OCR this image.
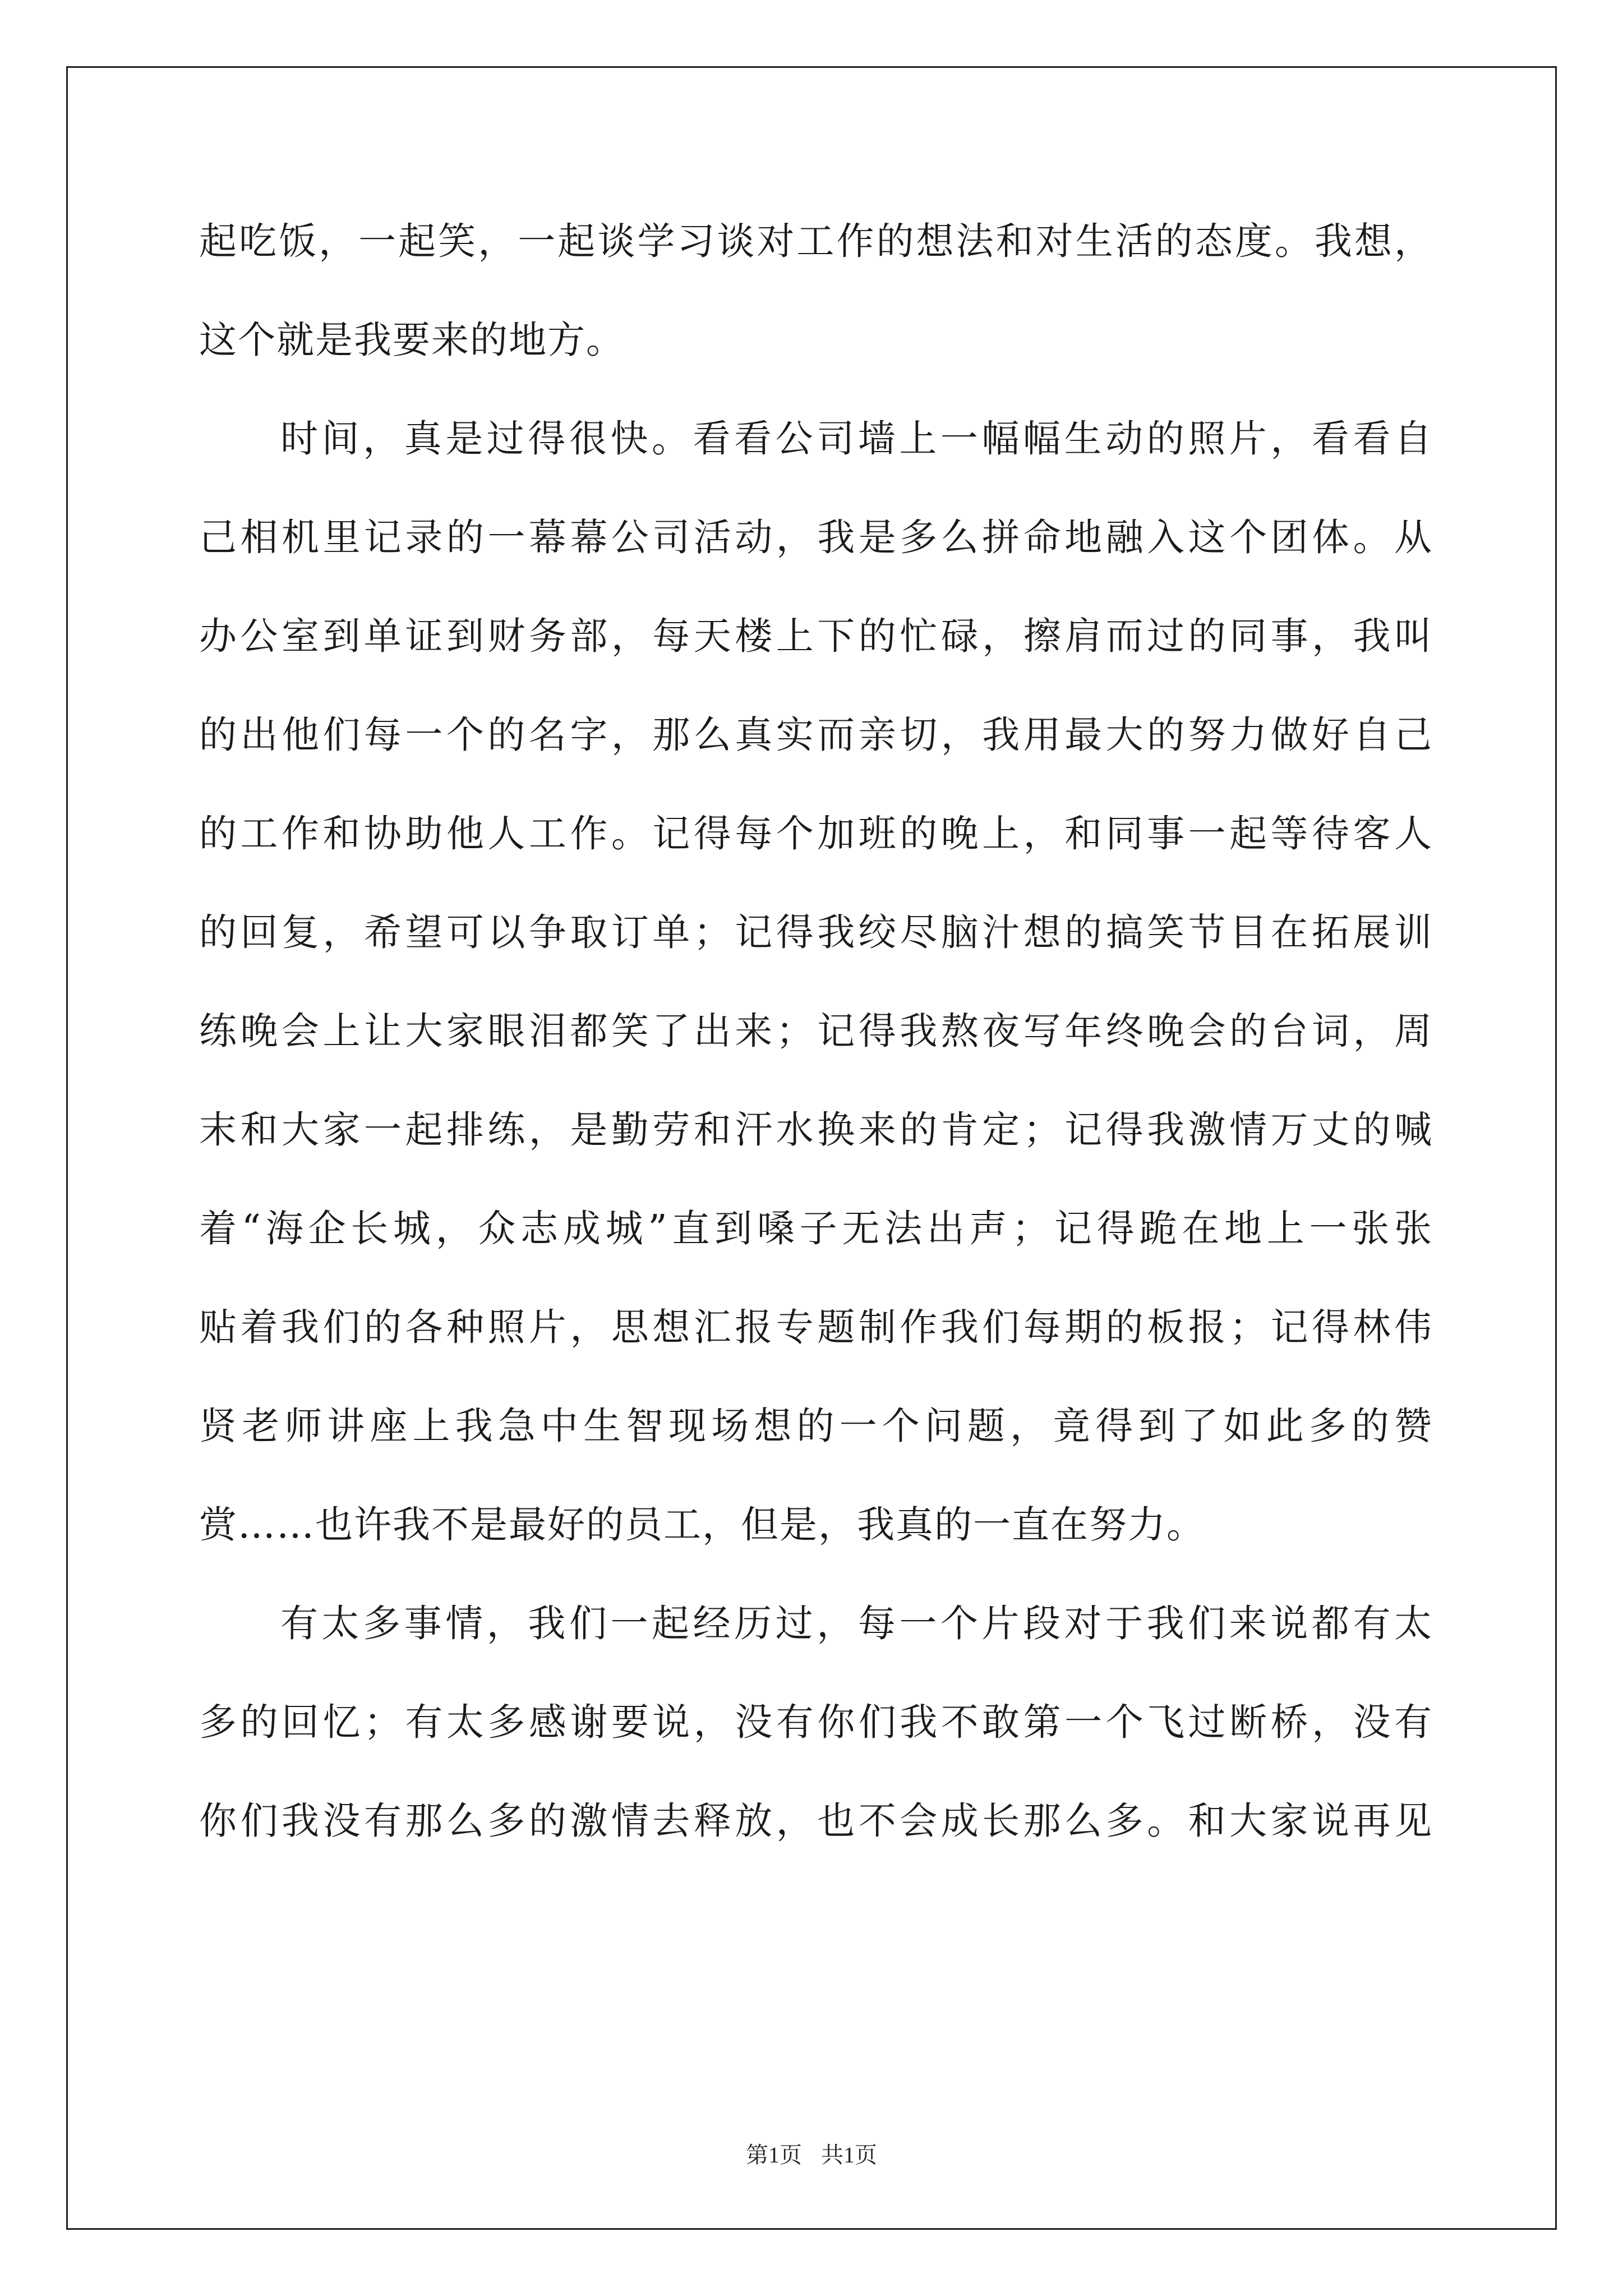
起吃饭，一起笑，一起谈学习谈对工作的想法和对生活的态度。我想，
这个就是我要来的地方。
时间，真是过得很快。看看公司墙上一幅幅生动的照片，看看自
己相机里记录的一幕幕公司活动，我是多么拼命地融入这个团体。从
办公室到单证到财务部，每天楼上下的忙碌，擦肩而过的同事，我叫
的出他们每一个的名字，那么真实而亲切，我用最大的努力做好自己
的工作和协助他人工作。记得每个加班的晚上，和同事一起等待客人
的回复，希望可以争取订单；记得我绞尽脑汁想的搞笑节目在拓展训
练晚会上让大家眼泪都笑了出来；记得我熬夜写年终晚会的台词，周
末和大家一起排练，是勤劳和汗水换来的肯定；记得我激情万丈的喊
着“海企长城，众志成城”直到嗓子无法出声；记得跪在地上一张张
贴着我们的各种照片，思想汇报专题制作我们每期的板报；记得林伟
贤老师讲座上我急中生智现场想的一个问题，竟得到了如此多的赞
赏……也许我不是最好的员工，但是，我真的一直在努力。
有太多事情，我们一起经历过，每一个片段对于我们来说都有太
多的回忆；有太多感谢要说，没有你们我不敢第一个飞过断桥，没有
你们我没有那么多的激情去释放，也不会成长那么多。和大家说再见
第1页 共1页
